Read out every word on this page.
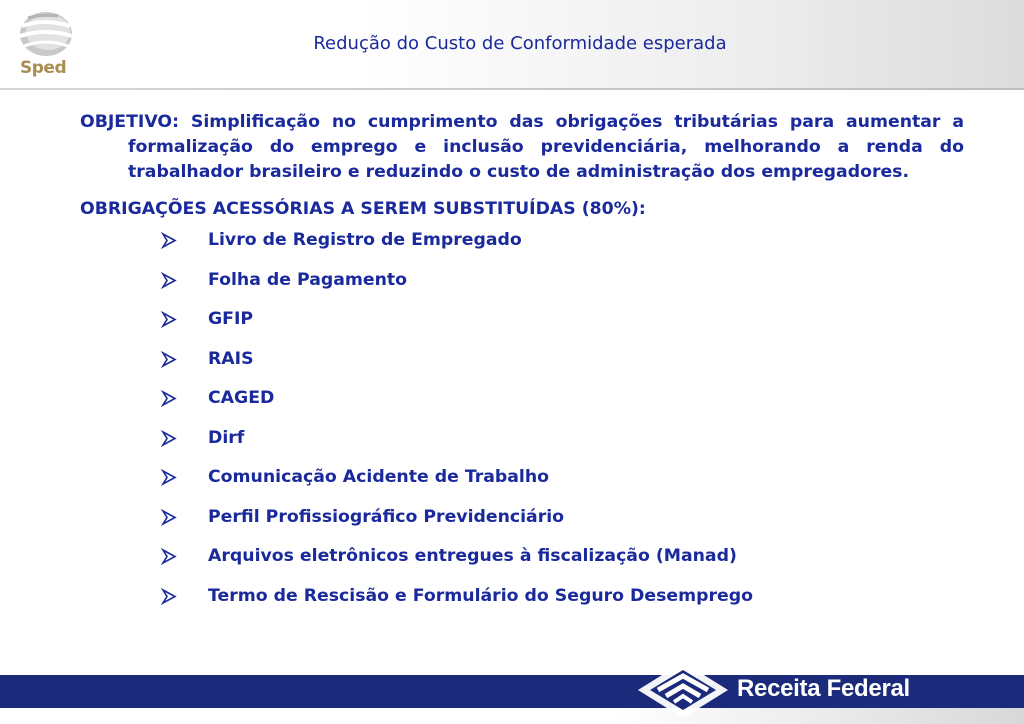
Sped
Redução do Custo de Conformidade esperada

OBJETIVO: Simplificação no cumprimento das obrigações tributárias para aumentar a formalização do emprego e inclusão previdenciária, melhorando a renda do trabalhador brasileiro e reduzindo o custo de administração dos empregadores.

OBRIGAÇÕES ACESSÓRIAS A SEREM SUBSTITUÍDAS (80%):
Livro de Registro de Empregado
Folha de Pagamento
GFIP
RAIS
CAGED
Dirf
Comunicação Acidente de Trabalho
Perfil Profissiográfico Previdenciário
Arquivos eletrônicos entregues à fiscalização (Manad)
Termo de Rescisão e Formulário do Seguro Desemprego
Receita Federal
